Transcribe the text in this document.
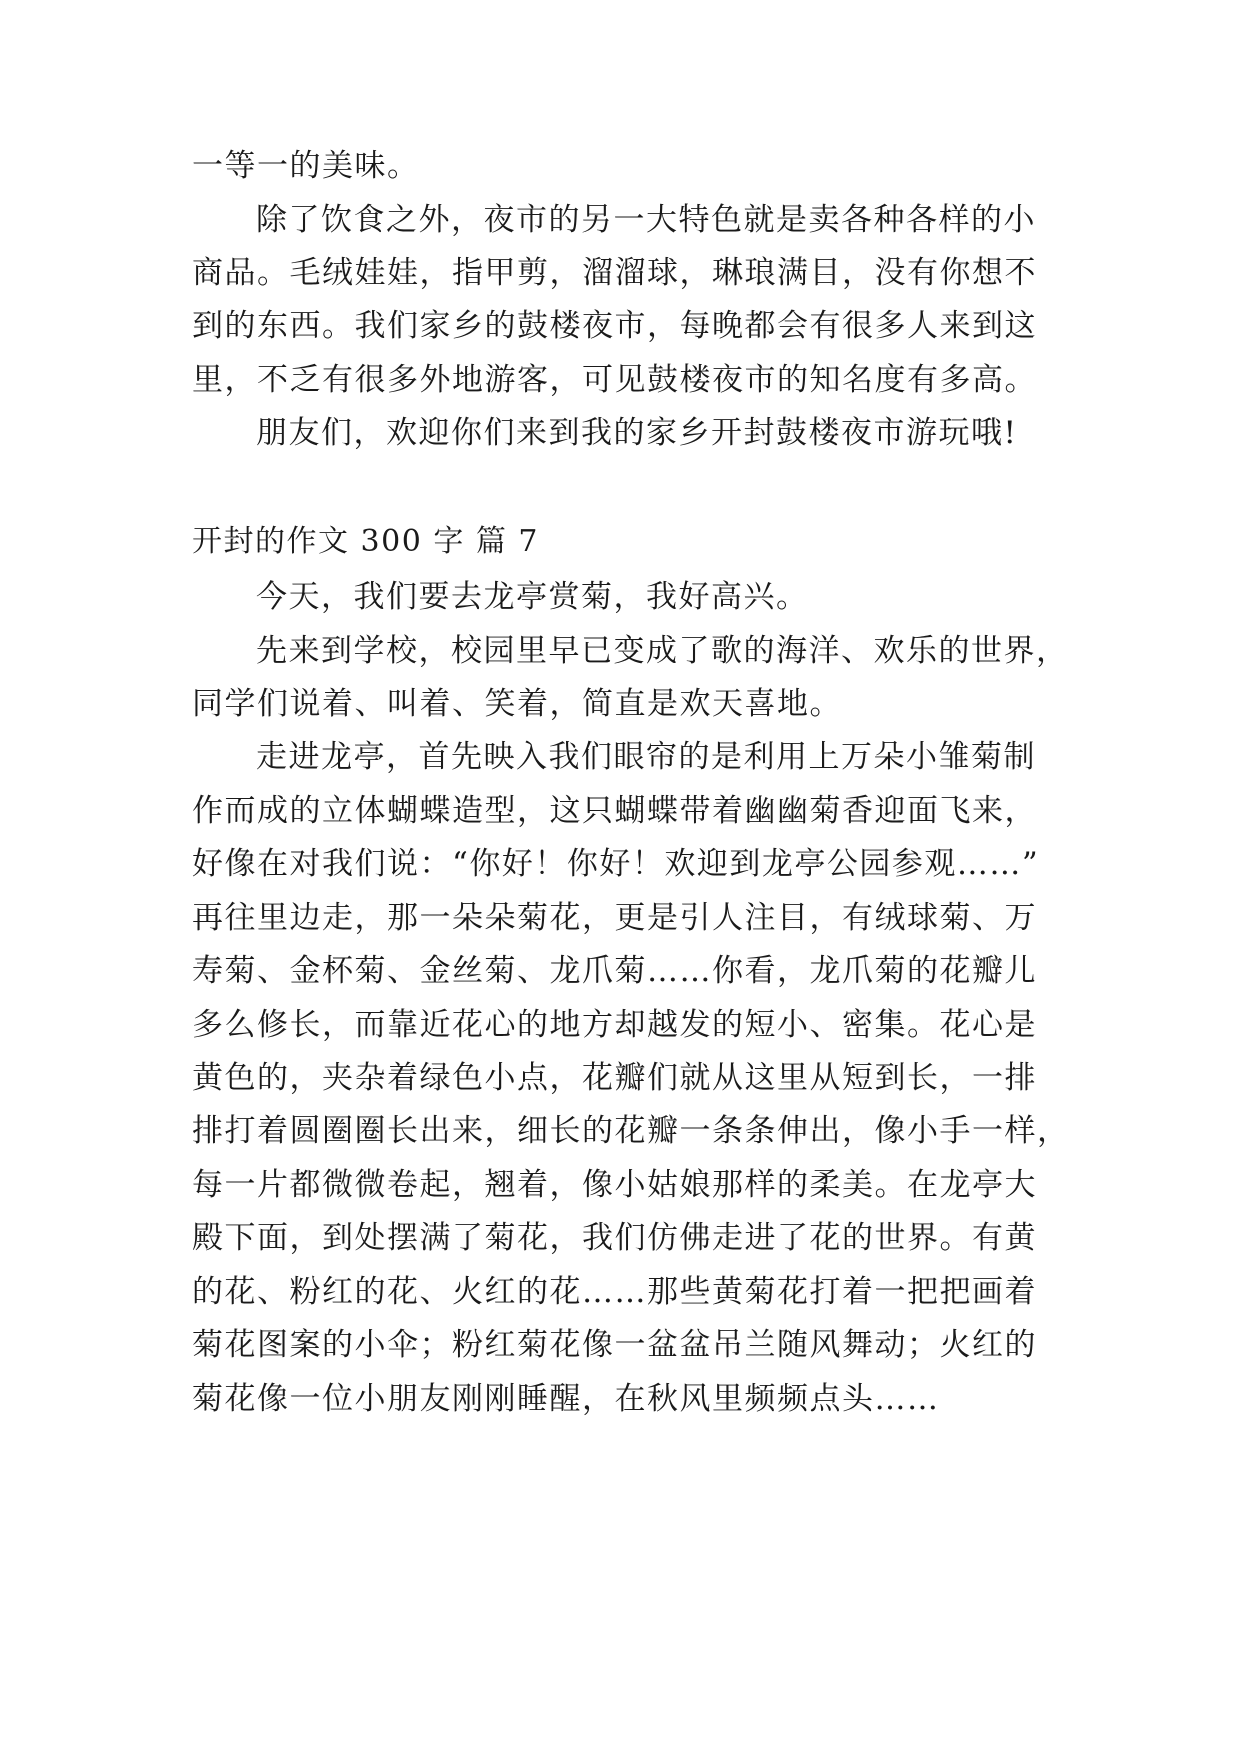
一等一的美味。
除了饮食之外，夜市的另一大特色就是卖各种各样的小
商品。毛绒娃娃，指甲剪，溜溜球，琳琅满目，没有你想不
到的东西。我们家乡的鼓楼夜市，每晚都会有很多人来到这
里，不乏有很多外地游客，可见鼓楼夜市的知名度有多高。
朋友们，欢迎你们来到我的家乡开封鼓楼夜市游玩哦!
开封的作文 300 字 篇 7
今天，我们要去龙亭赏菊，我好高兴。
先来到学校，校园里早已变成了歌的海洋、欢乐的世界，
同学们说着、叫着、笑着，简直是欢天喜地。
走进龙亭，首先映入我们眼帘的是利用上万朵小雏菊制
作而成的立体蝴蝶造型，这只蝴蝶带着幽幽菊香迎面飞来，
好像在对我们说：“你好！你好！欢迎到龙亭公园参观……”
再往里边走，那一朵朵菊花，更是引人注目，有绒球菊、万
寿菊、金杯菊、金丝菊、龙爪菊……你看，龙爪菊的花瓣儿
多么修长，而靠近花心的地方却越发的短小、密集。花心是
黄色的，夹杂着绿色小点，花瓣们就从这里从短到长，一排
排打着圆圈圈长出来，细长的花瓣一条条伸出，像小手一样，
每一片都微微卷起，翘着，像小姑娘那样的柔美。在龙亭大
殿下面，到处摆满了菊花，我们仿佛走进了花的世界。有黄
的花、粉红的花、火红的花……那些黄菊花打着一把把画着
菊花图案的小伞；粉红菊花像一盆盆吊兰随风舞动；火红的
菊花像一位小朋友刚刚睡醒，在秋风里频频点头……
